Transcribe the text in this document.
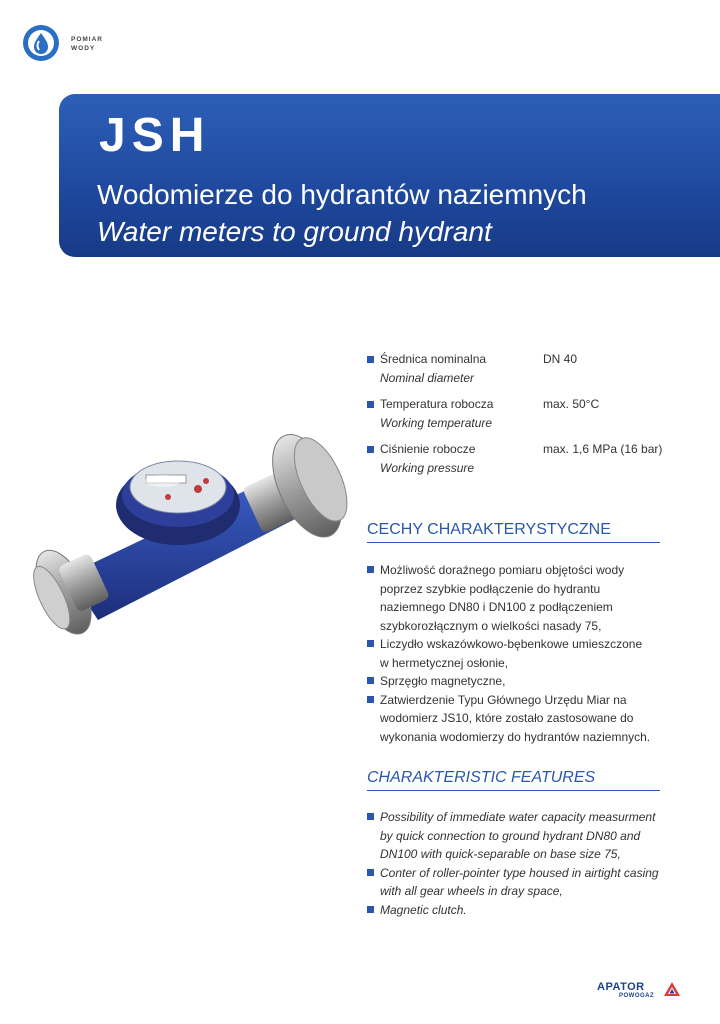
POMIAR
WODY
JSH
Wodomierze do hydrantów naziemnych
Water meters to ground hydrant
Średnica nominalna
Nominal diameter
DN 40
Temperatura robocza
Working temperature
max. 50°C
Ciśnienie robocze
Working pressure
max. 1,6 MPa (16 bar)
CECHY CHARAKTERYSTYCZNE
Możliwość doraźnego pomiaru objętości wody
poprzez szybkie podłączenie do hydrantu
naziemnego DN80 i DN100 z podłączeniem
szybkorozłącznym o wielkości nasady 75,
Liczydło wskazówkowo-bębenkowe umieszczone
w hermetycznej osłonie,
Sprzęgło magnetyczne,
Zatwierdzenie Typu Głównego Urzędu Miar na
wodomierz JS10, które zostało zastosowane do
wykonania wodomierzy do hydrantów naziemnych.
CHARAKTERISTIC FEATURES
Possibility of immediate water capacity measurment
by quick connection to ground hydrant DN80 and
DN100 with quick-separable on base size 75,
Conter of roller-pointer type housed in airtight casing
with all gear wheels in dray space,
Magnetic clutch.
APATOR
POWOGAZ
